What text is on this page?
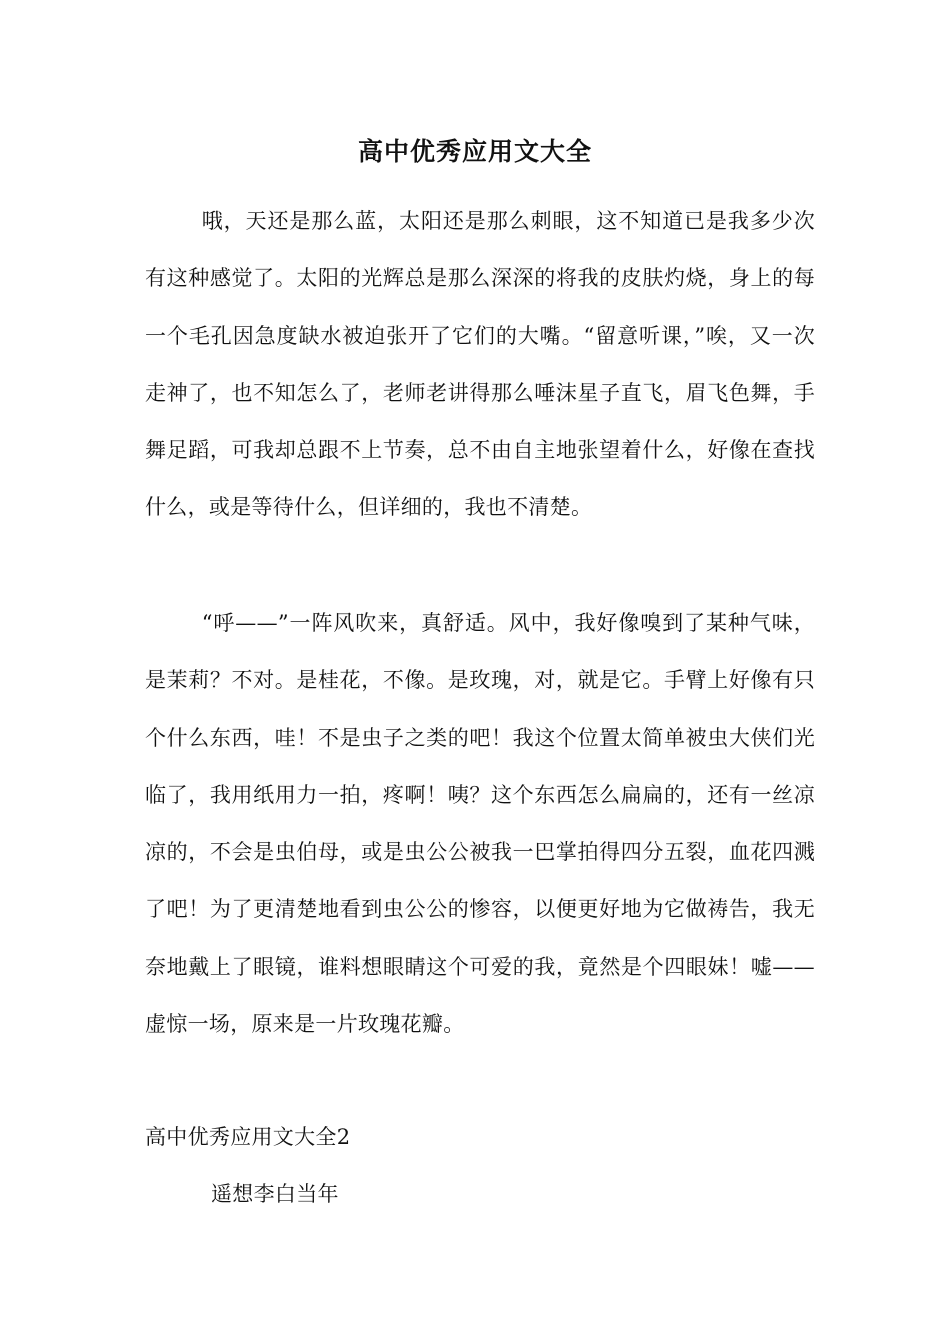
高中优秀应用文大全

哦，天还是那么蓝，太阳还是那么刺眼，这不知道已是我多少次有这种感觉了。太阳的光辉总是那么深深的将我的皮肤灼烧，身上的每一个毛孔因急度缺水被迫张开了它们的大嘴。“留意听课，”唉，又一次走神了，也不知怎么了，老师老讲得那么唾沫星子直飞，眉飞色舞，手舞足蹈，可我却总跟不上节奏，总不由自主地张望着什么，好像在查找什么，或是等待什么，但详细的，我也不清楚。

“呼——”一阵风吹来，真舒适。风中，我好像嗅到了某种气味，是茉莉？不对。是桂花，不像。是玫瑰，对，就是它。手臂上好像有只个什么东西，哇！不是虫子之类的吧！我这个位置太简单被虫大侠们光临了，我用纸用力一拍，疼啊！咦？这个东西怎么扁扁的，还有一丝凉凉的，不会是虫伯母，或是虫公公被我一巴掌拍得四分五裂，血花四溅了吧！为了更清楚地看到虫公公的惨容，以便更好地为它做祷告，我无奈地戴上了眼镜，谁料想眼睛这个可爱的我，竟然是个四眼妹！嘘——虚惊一场，原来是一片玫瑰花瓣。

高中优秀应用文大全2
遥想李白当年
